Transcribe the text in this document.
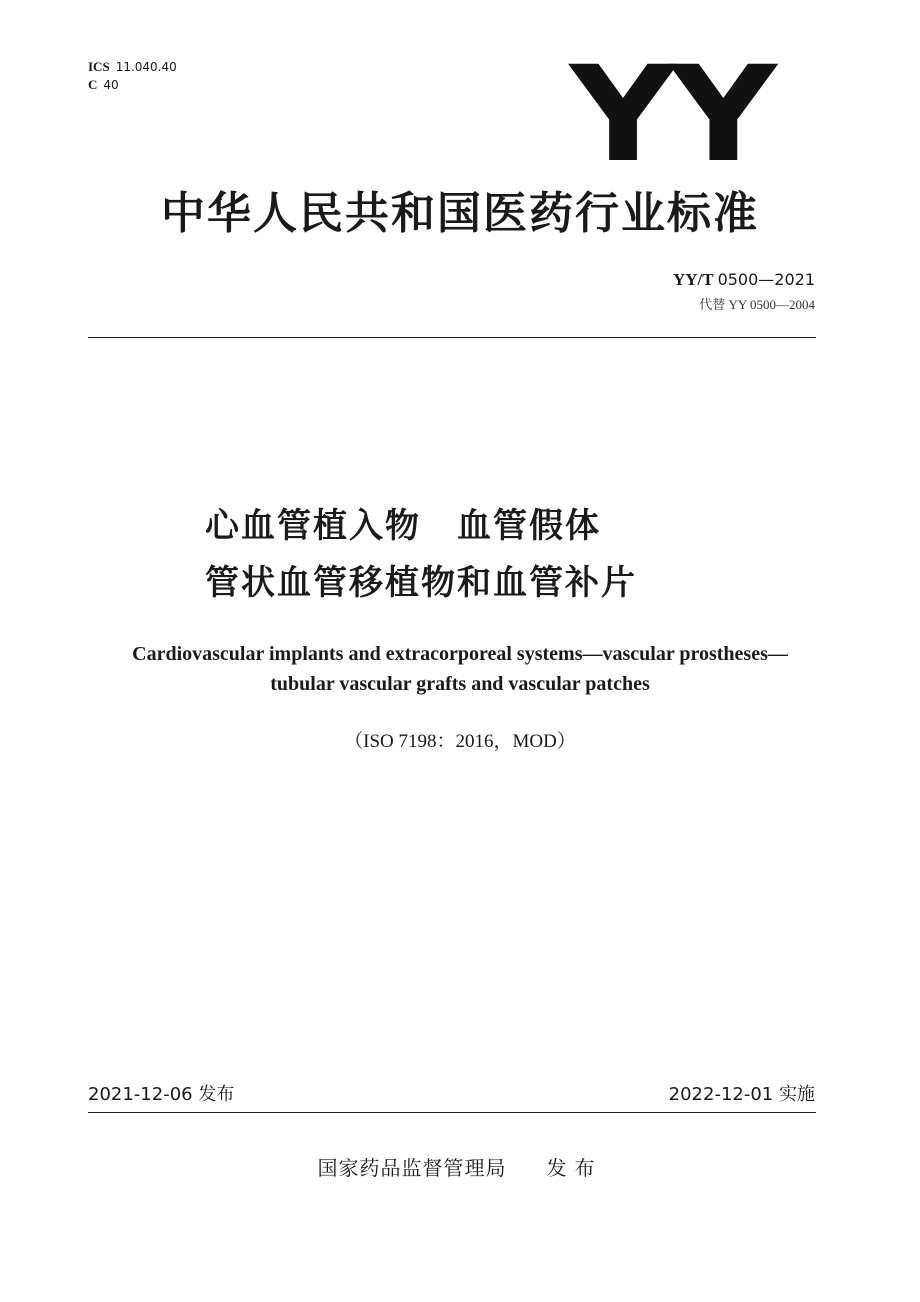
ICS 11.040.40
C 40	YY
中华人民共和国医药行业标准
YY/T 0500—2021
代替 YY 0500—2004
心血管植入物　血管假体
管状血管移植物和血管补片
Cardiovascular implants and extracorporeal systems—vascular prostheses—
tubular vascular grafts and vascular patches
（ISO 7198：2016，MOD）
2021-12-06 发布	2022-12-01 实施
国家药品监督管理局 发布
